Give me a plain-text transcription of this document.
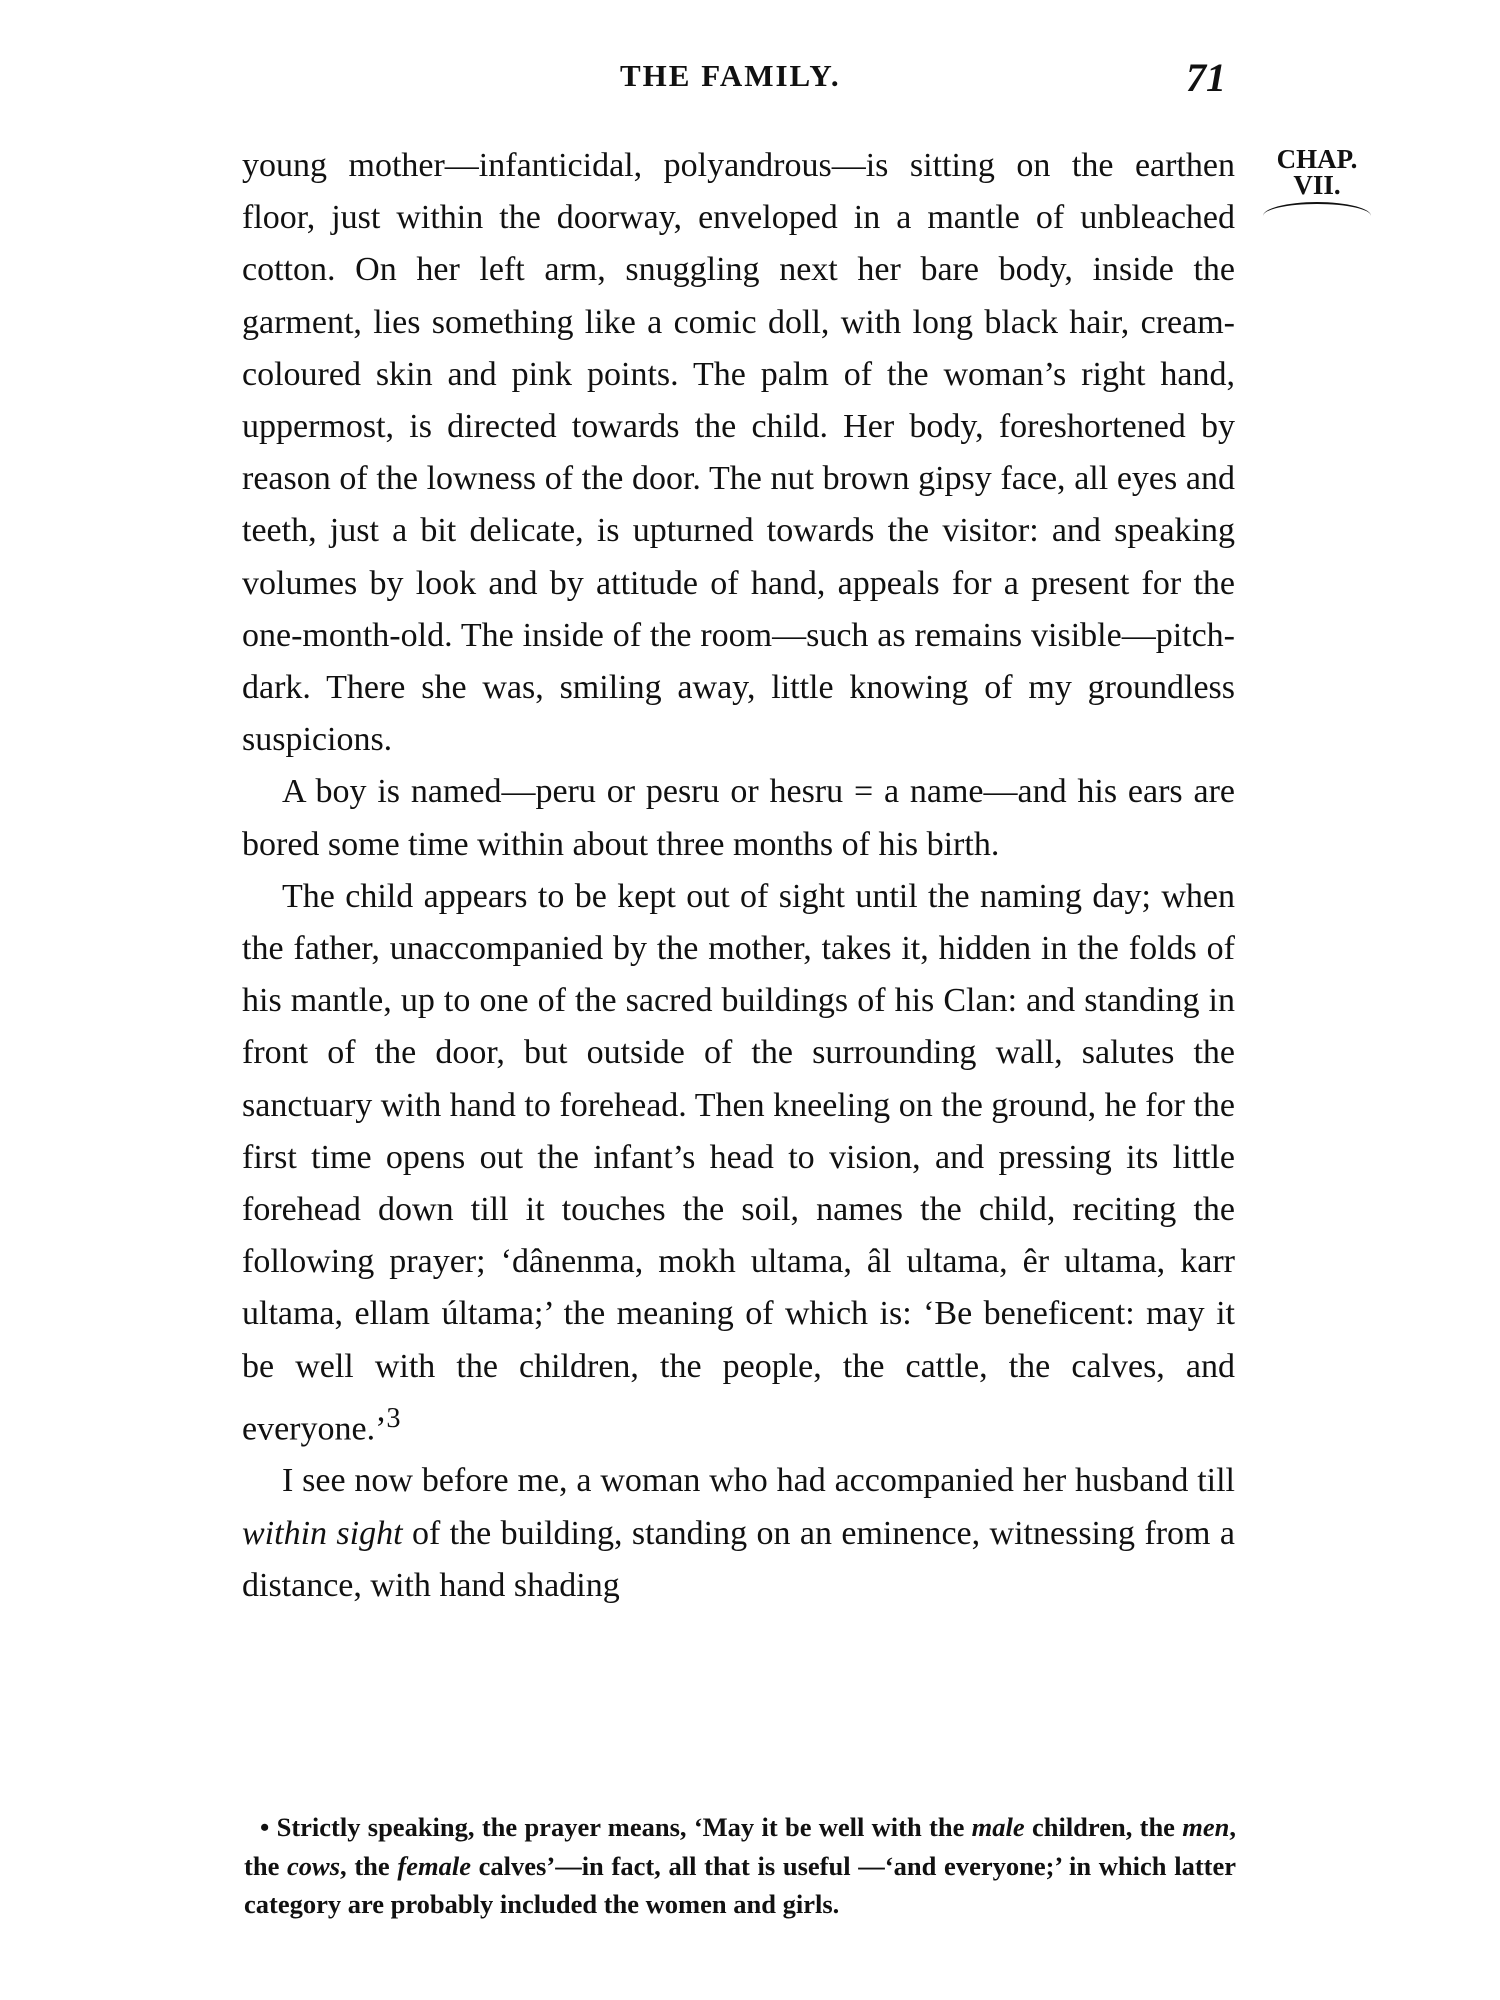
THE FAMILY.	71
CHAP.
VII.

young mother—infanticidal, polyandrous—is sitting on the earthen floor, just within the doorway, enveloped in a mantle of unbleached cotton. On her left arm, snuggling next her bare body, inside the garment, lies something like a comic doll, with long black hair, cream-coloured skin and pink points. The palm of the woman’s right hand, uppermost, is directed towards the child. Her body, foreshortened by reason of the lowness of the door. The nut brown gipsy face, all eyes and teeth, just a bit delicate, is upturned towards the visitor: and speaking volumes by look and by attitude of hand, appeals for a present for the one-month-old. The inside of the room—such as remains visible—pitch-dark. There she was, smiling away, little knowing of my groundless suspicions.

A boy is named—peru or pesru or hesru = a name—and his ears are bored some time within about three months of his birth.

The child appears to be kept out of sight until the naming day; when the father, unaccompanied by the mother, takes it, hidden in the folds of his mantle, up to one of the sacred buildings of his Clan: and standing in front of the door, but outside of the surrounding wall, salutes the sanctuary with hand to forehead. Then kneeling on the ground, he for the first time opens out the infant’s head to vision, and pressing its little forehead down till it touches the soil, names the child, reciting the following prayer; ‘dânenma, mokh ultama, âl ultama, êr ultama, karr ultama, ellam últama;’ the meaning of which is: ‘Be beneficent: may it be well with the children, the people, the cattle, the calves, and everyone.’$^3$

I see now before me, a woman who had accompanied her husband till within sight of the building, standing on an eminence, witnessing from a distance, with hand shading

• Strictly speaking, the prayer means, ‘May it be well with the male children, the men, the cows, the female calves’—in fact, all that is useful —‘and everyone;’ in which latter category are probably included the women and girls.
